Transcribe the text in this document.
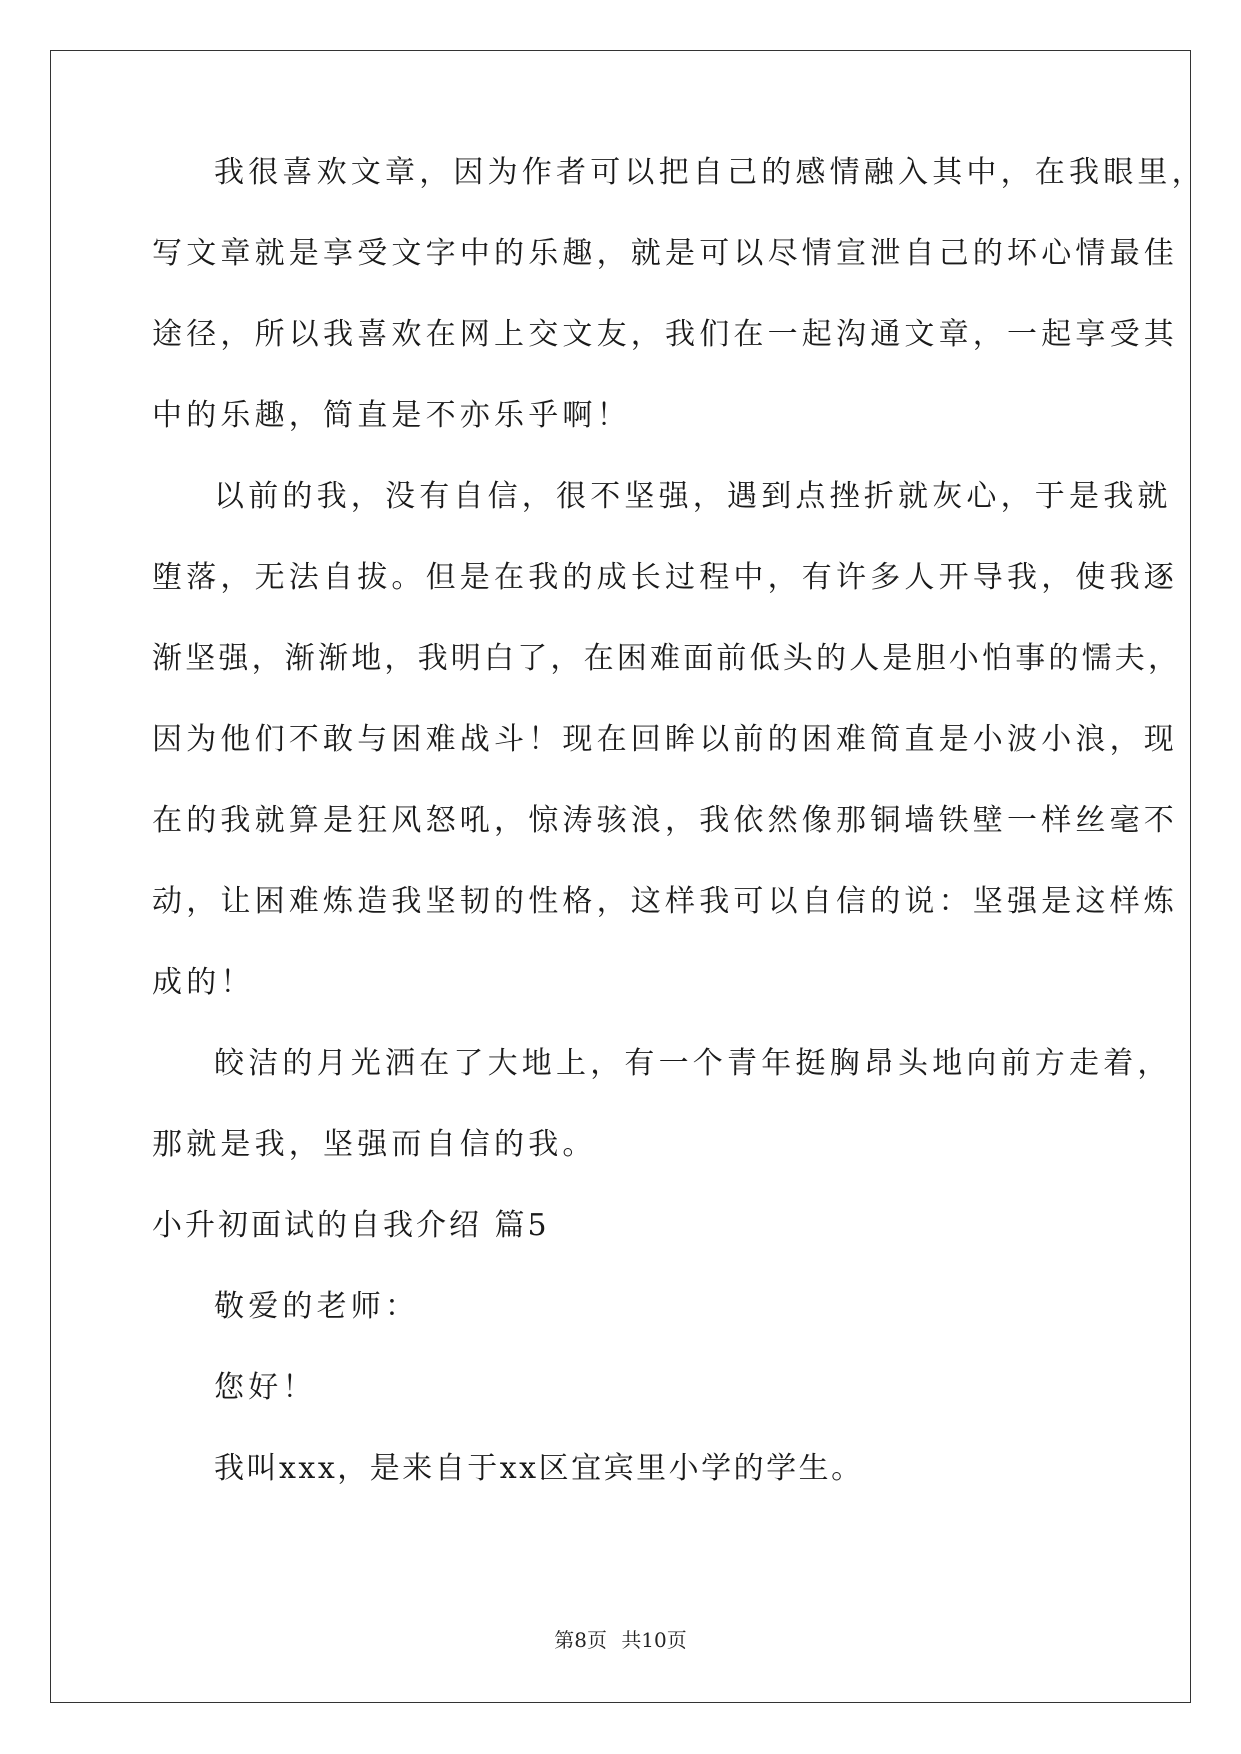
我很喜欢文章，因为作者可以把自己的感情融入其中，在我眼里，
写文章就是享受文字中的乐趣，就是可以尽情宣泄自己的坏心情最佳
途径，所以我喜欢在网上交文友，我们在一起沟通文章，一起享受其
中的乐趣，简直是不亦乐乎啊！
以前的我，没有自信，很不坚强，遇到点挫折就灰心，于是我就
堕落，无法自拔。但是在我的成长过程中，有许多人开导我，使我逐
渐坚强，渐渐地，我明白了，在困难面前低头的人是胆小怕事的懦夫，
因为他们不敢与困难战斗！现在回眸以前的困难简直是小波小浪，现
在的我就算是狂风怒吼，惊涛骇浪，我依然像那铜墙铁壁一样丝毫不
动，让困难炼造我坚韧的性格，这样我可以自信的说：坚强是这样炼
成的！
皎洁的月光洒在了大地上，有一个青年挺胸昂头地向前方走着，
那就是我，坚强而自信的我。
小升初面试的自我介绍 篇5
敬爱的老师：
您好！
我叫xxx，是来自于xx区宜宾里小学的学生。
第8页 共10页
